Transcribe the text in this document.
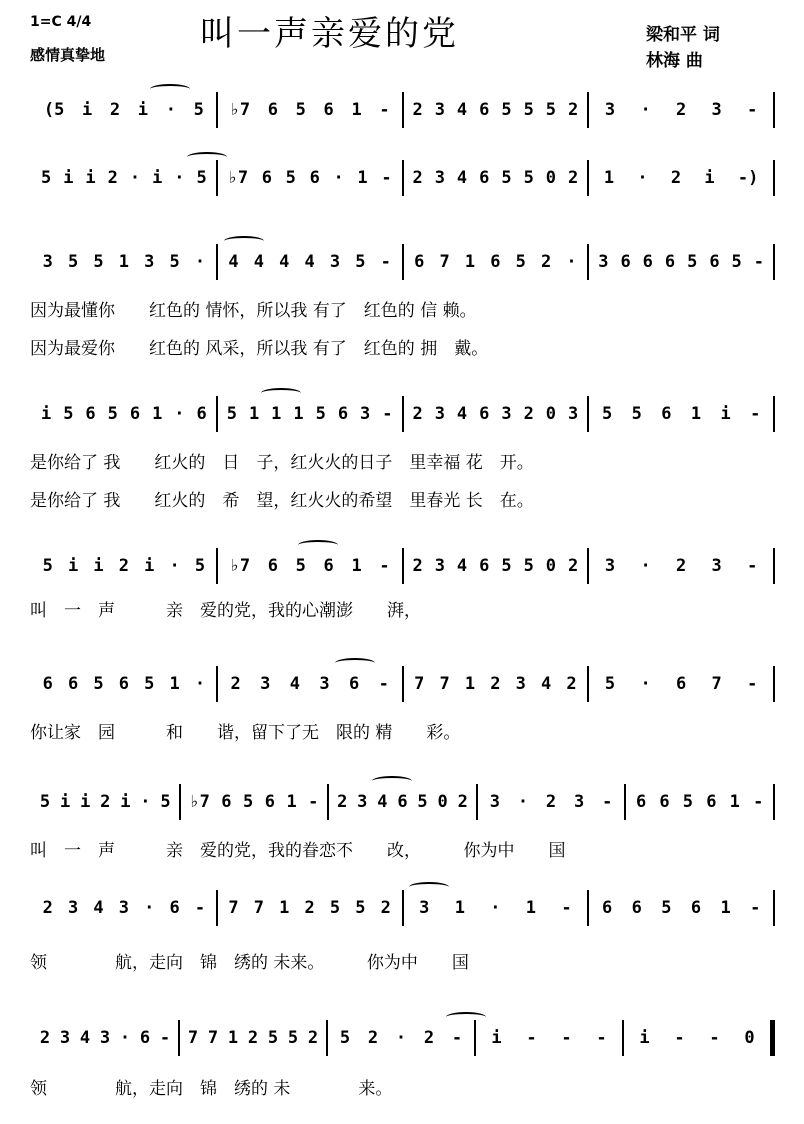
1=C 4/4	叫一声亲爱的党
感情真挚地
梁和平 词
林海 曲
(5 i 2 i · 5 ♭7 6 5 6 1 - 2 3 4 6 5 5 5 2 3 · 2 3 -
5 i i 2 · i · 5 ♭7 6 5 6 · 1 - 2 3 4 6 5 5 0 2 1 · 2 i -)
3 5 5 1 3 5 · 4 4 4 4 3 5 - 6 7 1 6 5 2 · 3 6 6 6 5 6 5 -
因为最懂你　　红色的 情怀，所以我 有了　红色的 信 赖。
因为最爱你　　红色的 风采，所以我 有了　红色的 拥　戴。
i 5 6 5 6 1 · 6 5 1 1 1 5 6 3 - 2 3 4 6 3 2 0 3 5 5 6 1 i -
是你给了 我　　红火的　日　子，红火火的日子　里幸福 花　开。
是你给了 我　　红火的　希　望，红火火的希望　里春光 长　在。
5 i i 2 i · 5 ♭7 6 5 6 1 - 2 3 4 6 5 5 0 2 3 · 2 3 -
叫　一　声　　　亲　爱的党，我的心潮澎　　湃，
6 6 5 6 5 1 · 2 3 4 3 6 - 7 7 1 2 3 4 2 5 · 6 7 -
你让家　园　　　和　　谐，留下了无　限的 精　　彩。
5 i i 2 i · 5 ♭7 6 5 6 1 - 2 3 4 6 5 0 2 3 · 2 3 - 6 6 5 6 1 -
叫　一　声　　　亲　爱的党，我的眷恋不　　改，　　　你为中　　国
2 3 4 3 · 6 - 7 7 1 2 5 5 2 3 1 · 1 - 6 6 5 6 1 -
领　　　　航，走向　锦　绣的 未来。　　　你为中　　国
2 3 4 3 · 6 - 7 7 1 2 5 5 2 5 2 · 2 - i - - - i - - 0
领　　　　航，走向　锦　绣的 未　　　　来。
